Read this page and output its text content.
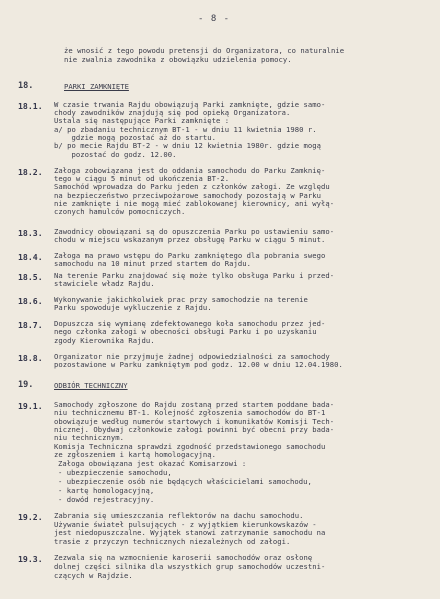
- 8 -
że wnosić z tego powodu pretensji do Organizatora, co naturalnie
nie zwalnia zawodnika z obowiązku udzielenia pomocy.
18.	PARKI ZAMKNIĘTE
18.1. W czasie trwania Rajdu obowiązują Parki zamknięte, gdzie samo-
chody zawodników znajdują się pod opieką Organizatora.
Ustala się następujące Parki zamknięte :
a/ po zbadaniu technicznym BT-1 - w dniu 11 kwietnia 1980 r.
gdzie mogą pozostać aż do startu.
b/ po mecie Rajdu BT-2 - w dniu 12 kwietnia 1980r. gdzie mogą
pozostać do godz. 12.00.
18.2. Załoga zobowiązana jest do oddania samochodu do Parku Zamknię-
tego w ciągu 5 minut od ukończenia BT-2.
Samochód wprowadza do Parku jeden z członków załogi. Ze względu
na bezpieczeństwo przeciwpożarowe samochody pozostają w Parku
nie zamknięte i nie mogą mieć zablokowanej kierownicy, ani wyłą-
czonych hamulców pomocniczych.
18.3. Zawodnicy obowiązani są do opuszczenia Parku po ustawieniu samo-
chodu w miejscu wskazanym przez obsługę Parku w ciągu 5 minut.
18.4. Załoga ma prawo wstępu do Parku zamkniętego dla pobrania swego
samochodu na 10 minut przed startem do Rajdu.
18.5. Na terenie Parku znajdować się może tylko obsługa Parku i przed-
stawiciele władz Rajdu.
18.6. Wykonywanie jakichkolwiek prac przy samochodzie na terenie
Parku spowoduje wykluczenie z Rajdu.
18.7. Dopuszcza się wymianę zdefektowanego koła samochodu przez jed-
nego członka załogi w obecności obsługi Parku i po uzyskaniu
zgody Kierownika Rajdu.
18.8. Organizator nie przyjmuje żadnej odpowiedzialności za samochody
pozostawione w Parku zamkniętym pod godz. 12.00 w dniu 12.04.1980.
19.	ODBIÓR TECHNICZNY
19.1. Samochody zgłoszone do Rajdu zostaną przed startem poddane bada-
niu technicznemu BT-1. Kolejność zgłoszenia samochodów do BT-1
obowiązuje według numerów startowych i komunikatów Komisji Tech-
nicznej. Obydwaj członkowie załogi powinni być obecni przy bada-
niu technicznym.
Komisja Techniczna sprawdzi zgodność przedstawionego samochodu
ze zgłoszeniem i kartą homologacyjną.
Załoga obowiązana jest okazać Komisarzowi :
- ubezpieczenie samochodu,
- ubezpieczenie osób nie będących właścicielami samochodu,
- kartę homologacyjną,
- dowód rejestracyjny.
19.2. Zabrania się umieszczania reflektorów na dachu samochodu.
Używanie świateł pulsujących - z wyjątkiem kierunkowskazów -
jest niedopuszczalne. Wyjątek stanowi zatrzymanie samochodu na
trasie z przyczyn technicznych niezależnych od załogi.
19.3. Zezwala się na wzmocnienie karoserii samochodów oraz osłonę
dolnej części silnika dla wszystkich grup samochodów uczestni-
czących w Rajdzie.
